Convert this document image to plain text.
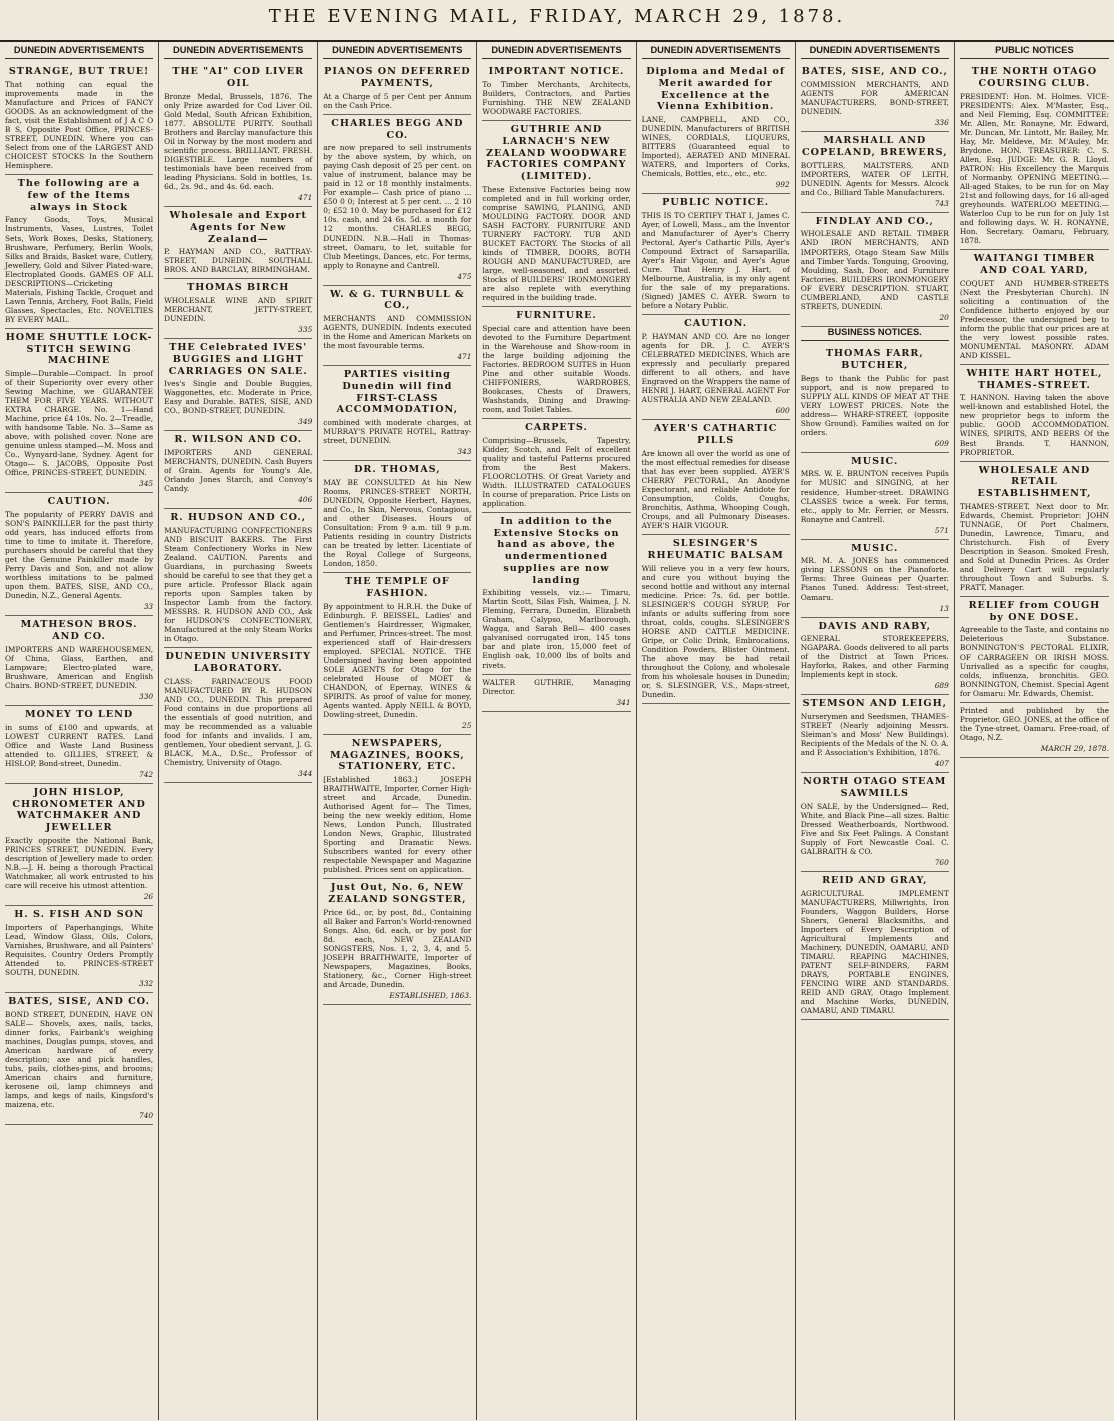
THE EVENING MAIL, FRIDAY, MARCH 29, 1878.
DUNEDIN ADVERTISEMENTS
STRANGE, BUT TRUE!
That nothing can equal the improvements made in the Manufacture and Prices of FANCY GOODS. As an acknowledgment of the fact, visit the Establishment of J A C O B S, Opposite Post Office, PRINCES-STREET, DUNEDIN. Where you can Select from one of the LARGEST AND CHOICEST STOCKS In the Southern Hemisphere.
The following are a few of the Items always in Stock
Fancy Goods, Toys, Musical Instruments, Vases, Lustres, Toilet Sets, Work Boxes, Desks, Stationery, Brushware, Perfumery, Berlin Wools, Silks and Braids, Basket ware, Cutlery, Jewellery, Gold and Silver Plated-ware, Electroplated Goods. GAMES OF ALL DESCRIPTIONS—Cricketing Materials, Fishing Tackle, Croquet and Lawn Tennis, Archery, Foot Balls, Field Glasses, Spectacles, Etc. NOVELTIES BY EVERY MAIL.
HOME SHUTTLE LOCK-STITCH SEWING MACHINE
Simple—Durable—Compact. In proof of their Superiority over every other Sewing Machine, we GUARANTEE THEM FOR FIVE YEARS. WITHOUT EXTRA CHARGE. No. 1—Hand Machine, price £4 10s. No. 2—Treadle, with handsome Table. No. 3—Same as above, with polished cover. None are genuine unless stamped—M. Moss and Co., Wynyard-lane, Sydney. Agent for Otago— S. JACOBS, Opposite Post Office, PRINCES-STREET, DUNEDIN.
345
CAUTION.
The popularity of PERRY DAVIS and SON'S PAINKILLER for the past thirty odd years, has induced efforts from time to time to imitate it. Therefore, purchasers should be careful that they get the Genuine Painkiller made by Perry Davis and Son, and not allow worthless imitations to be palmed upon them. BATES, SISE, AND CO., Dunedin, N.Z., General Agents.
33
MATHESON BROS. AND CO.
IMPORTERS AND WAREHOUSEMEN, Of China, Glass, Earthen, and Lampware; Electro-plated ware, Brushware, American and English Chairs. BOND-STREET, DUNEDIN.
330
MONEY TO LEND
in sums of £100 and upwards, at LOWEST CURRENT RATES. Land Office and Waste Land Business attended to. GILLIES, STREET, & HISLOP, Bond-street, Dunedin.
742
JOHN HISLOP, CHRONOMETER AND WATCHMAKER AND JEWELLER
Exactly opposite the National Bank, PRINCES STREET, DUNEDIN. Every description of Jewellery made to order. N.B.—J. H. being a thorough Practical Watchmaker, all work entrusted to his care will receive his utmost attention.
26
H. S. FISH AND SON
Importers of Paperhangings, White Lead, Window Glass, Oils, Colors, Varnishes, Brushware, and all Painters' Requisites. Country Orders Promptly Attended to. PRINCES-STREET SOUTH, DUNEDIN.
332
BATES, SISE, AND CO.
BOND STREET, DUNEDIN, HAVE ON SALE— Shovels, axes, nails, tacks, dinner forks, Fairbank's weighing machines, Douglas pumps, stoves, and American hardware of every description; axe and pick handles, tubs, pails, clothes-pins, and brooms; American chairs and furniture, kerosene oil, lamp chimneys and lamps, and kegs of nails, Kingsford's maizena, etc.
740
DUNEDIN ADVERTISEMENTS
THE "AI" COD LIVER OIL
Bronze Medal, Brussels, 1876. The only Prize awarded for Cod Liver Oil. Gold Medal, South African Exhibition, 1877. ABSOLUTE PURITY. Southall Brothers and Barclay manufacture this Oil in Norway by the most modern and scientific process. BRILLIANT. FRESH. DIGESTIBLE. Large numbers of testimonials have been received from leading Physicians. Sold in bottles, 1s. 6d., 2s. 9d., and 4s. 6d. each.
471
Wholesale and Export Agents for New Zealand—
P. HAYMAN AND CO., RATTRAY-STREET, DUNEDIN. SOUTHALL BROS. AND BARCLAY, BIRMINGHAM.
THOMAS BIRCH
WHOLESALE WINE AND SPIRIT MERCHANT, JETTY-STREET, DUNEDIN.
335
THE Celebrated IVES' BUGGIES and LIGHT CARRIAGES ON SALE.
Ives's Single and Double Buggies, Waggonettes, etc. Moderate in Price, Easy and Durable. BATES, SISE, AND CO., BOND-STREET, DUNEDIN.
349
R. WILSON AND CO.
IMPORTERS AND GENERAL MERCHANTS, DUNEDIN. Cash Buyers of Grain. Agents for Young's Ale, Orlando Jones Starch, and Convoy's Candy.
406
R. HUDSON AND CO.,
MANUFACTURING CONFECTIONERS AND BISCUIT BAKERS. The First Steam Confectionery Works in New Zealand. CAUTION. Parents and Guardians, in purchasing Sweets should be careful to see that they get a pure article. Professor Black again reports upon Samples taken by Inspector Lamb from the factory. MESSRS. R. HUDSON AND CO., Ask for HUDSON'S CONFECTIONERY, Manufactured at the only Steam Works in Otago.
DUNEDIN UNIVERSITY LABORATORY.
CLASS: FARINACEOUS FOOD MANUFACTURED BY R. HUDSON AND CO., DUNEDIN. This prepared Food contains in due proportions all the essentials of good nutrition, and may be recommended as a valuable food for infants and invalids. I am, gentlemen, Your obedient servant, J. G. BLACK, M.A., D.Sc., Professor of Chemistry, University of Otago.
344
DUNEDIN ADVERTISEMENTS
PIANOS ON DEFERRED PAYMENTS,
At a Charge of 5 per Cent per Annum on the Cash Price.
CHARLES BEGG AND CO.
are now prepared to sell instruments by the above system, by which, on paying Cash deposit of 25 per cent. on value of instrument, balance may be paid in 12 or 18 monthly instalments. For example— Cash price of piano ... £50 0 0; Interest at 5 per cent. ... 2 10 0; £52 10 0. May be purchased for £12 10s. cash, and 24 6s. 5d. a month for 12 months. CHARLES BEGG, DUNEDIN. N.B.—Hall in Thomas-street, Oamaru, to let, suitable for Club Meetings, Dances, etc. For terms, apply to Ronayne and Cantrell.
475
W. & G. TURNBULL & CO.,
MERCHANTS AND COMMISSION AGENTS, DUNEDIN. Indents executed in the Home and American Markets on the most favourable terms.
471
PARTIES visiting Dunedin will find FIRST-CLASS ACCOMMODATION,
combined with moderate charges, at MURRAY'S PRIVATE HOTEL, Rattray-street, DUNEDIN.
343
DR. THOMAS,
MAY BE CONSULTED At his New Rooms, PRINCES-STREET NORTH, DUNEDIN, Opposite Herbert, Haynes, and Co., In Skin, Nervous, Contagious, and other Diseases. Hours of Consultation: From 9 a.m. till 9 p.m. Patients residing in country Districts can be treated by letter. Licentiate of the Royal College of Surgeons, London, 1850.
THE TEMPLE OF FASHION.
By appointment to H.R.H. the Duke of Edinburgh. F. BEISSEL, Ladies' and Gentlemen's Hairdresser, Wigmaker, and Perfumer, Princes-street. The most experienced staff of Hair-dressers employed. SPECIAL NOTICE. THE Undersigned having been appointed SOLE AGENTS for Otago for the celebrated House of MOET & CHANDON, of Epernay, WINES & SPIRITS. As proof of value for money, Agents wanted. Apply NEILL & BOYD, Dowling-street, Dunedin.
25
NEWSPAPERS, MAGAZINES, BOOKS, STATIONERY, ETC.
[Established 1863.] JOSEPH BRAITHWAITE, Importer, Corner High-street and Arcade, Dunedin. Authorised Agent for— The Times, being the new weekly edition, Home News, London Punch, Illustrated London News, Graphic, Illustrated Sporting and Dramatic News. Subscribers wanted for every other respectable Newspaper and Magazine published. Prices sent on application.
Just Out, No. 6, NEW ZEALAND SONGSTER,
Price 6d., or, by post, 8d., Containing all Baker and Farron's World-renowned Songs. Also, 6d. each, or by post for 8d. each, NEW ZEALAND SONGSTERS, Nos. 1, 2, 3, 4, and 5. JOSEPH BRAITHWAITE, Importer of Newspapers, Magazines, Books, Stationery, &c., Corner High-street and Arcade, Dunedin.
ESTABLISHED, 1863.
DUNEDIN ADVERTISEMENTS
IMPORTANT NOTICE.
To Timber Merchants, Architects, Builders, Contractors, and Parties Furnishing. THE NEW ZEALAND WOODWARE FACTORIES.
GUTHRIE AND LARNACH'S NEW ZEALAND WOODWARE FACTORIES COMPANY (LIMITED).
These Extensive Factories being now completed and in full working order, comprise SAWING, PLANING, AND MOULDING FACTORY. DOOR AND SASH FACTORY. FURNITURE AND TURNERY FACTORY. TUB AND BUCKET FACTORY. The Stocks of all kinds of TIMBER, DOORS, BOTH ROUGH AND MANUFACTURED, are large, well-seasoned, and assorted. Stocks of BUILDERS' IRONMONGERY are also replete with everything required in the building trade.
FURNITURE.
Special care and attention have been devoted to the Furniture Department in the Warehouse and Show-room in the large building adjoining the Factories. BEDROOM SUITES in Huon Pine and other suitable Woods. CHIFFONIERS, WARDROBES, Bookcases, Chests of Drawers, Washstands, Dining and Drawing-room, and Toilet Tables.
CARPETS.
Comprising—Brussels, Tapestry, Kidder, Scotch, and Felt of excellent quality and tasteful Patterns procured from the Best Makers. FLOORCLOTHS. Of Great Variety and Width. ILLUSTRATED CATALOGUES In course of preparation. Price Lists on application.
In addition to the Extensive Stocks on hand as above, the undermentioned supplies are now landing
Exhibiting vessels, viz.:— Timaru, Martin Scott, Silas Fish, Waimea, J. N. Fleming, Ferrara, Dunedin, Elizabeth Graham, Calypso, Marlborough, Wagga, and Sarah Bell— 400 cases galvanised corrugated iron, 145 tons bar and plate iron, 15,000 feet of English oak, 10,000 lbs of bolts and rivets.
WALTER GUTHRIE, Managing Director.
341
DUNEDIN ADVERTISEMENTS
Diploma and Medal of Merit awarded for Excellence at the Vienna Exhibition.
LANE, CAMPBELL, AND CO., DUNEDIN. Manufacturers of BRITISH WINES, CORDIALS, LIQUEURS, BITTERS (Guaranteed equal to Imported), AERATED AND MINERAL WATERS, and Importers of Corks, Chemicals, Bottles, etc., etc., etc.
992
PUBLIC NOTICE.
THIS IS TO CERTIFY THAT I, James C. Ayer, of Lowell, Mass., am the Inventor and Manufacturer of Ayer's Cherry Pectoral, Ayer's Cathartic Pills, Ayer's Compound Extract of Sarsaparilla, Ayer's Hair Vigour, and Ayer's Ague Cure. That Henry J. Hart, of Melbourne, Australia, is my only agent for the sale of my preparations. (Signed) JAMES C. AYER. Sworn to before a Notary Public.
CAUTION.
P. HAYMAN AND CO. Are no longer agents for DR. J. C. AYER'S CELEBRATED MEDICINES, Which are expressly and peculiarly prepared different to all others, and have Engraved on the Wrappers the name of HENRI J. HART, GENERAL AGENT For AUSTRALIA AND NEW ZEALAND.
600
AYER'S CATHARTIC PILLS
Are known all over the world as one of the most effectual remedies for disease that has ever been supplied. AYER'S CHERRY PECTORAL, An Anodyne Expectorant, and reliable Antidote for Consumption, Colds, Coughs, Bronchitis, Asthma, Whooping Cough, Croups, and all Pulmonary Diseases. AYER'S HAIR VIGOUR.
SLESINGER'S RHEUMATIC BALSAM
Will relieve you in a very few hours, and cure you without buying the second bottle and without any internal medicine. Price: 7s. 6d. per bottle. SLESINGER'S COUGH SYRUP, For infants or adults suffering from sore throat, colds, coughs. SLESINGER'S HORSE AND CATTLE MEDICINE. Gripe, or Colic Drink, Embrocations, Condition Powders, Blister Ointment. The above may be had retail throughout the Colony, and wholesale from his wholesale houses in Dunedin; or, S. SLESINGER, V.S., Maps-street, Dunedin.
DUNEDIN ADVERTISEMENTS
BATES, SISE, AND CO.,
COMMISSION MERCHANTS, AND AGENTS FOR AMERICAN MANUFACTURERS, BOND-STREET, DUNEDIN.
336
MARSHALL AND COPELAND, BREWERS,
BOTTLERS, MALTSTERS, AND IMPORTERS, WATER OF LEITH, DUNEDIN. Agents for Messrs. Alcock and Co., Billiard Table Manufacturers.
743
FINDLAY AND CO.,
WHOLESALE AND RETAIL TIMBER AND IRON MERCHANTS, AND IMPORTERS, Otago Steam Saw Mills and Timber Yards. Tonguing, Grooving, Moulding, Sash, Door, and Furniture Factories. BUILDERS IRONMONGERY OF EVERY DESCRIPTION. STUART, CUMBERLAND, AND CASTLE STREETS, DUNEDIN.
20
BUSINESS NOTICES.
THOMAS FARR, BUTCHER,
Begs to thank the Public for past support, and is now prepared to SUPPLY ALL KINDS OF MEAT AT THE VERY LOWEST PRICES. Note the address— WHARF-STREET, (opposite Show Ground). Families waited on for orders.
609
MUSIC.
MRS. W. E. BRUNTON receives Pupils for MUSIC and SINGING, at her residence, Humber-street. DRAWING CLASSES twice a week. For terms, etc., apply to Mr. Ferrier, or Messrs. Ronayne and Cantrell.
571
MUSIC.
MR. M. A. JONES has commenced giving LESSONS on the Pianoforte. Terms: Three Guineas per Quarter. Pianos Tuned. Address: Test-street, Oamaru.
13
DAVIS AND RABY,
GENERAL STOREKEEPERS, NGAPARA. Goods delivered to all parts of the District at Town Prices. Hayforks, Rakes, and other Farming Implements kept in stock.
689
STEMSON AND LEIGH,
Nurserymen and Seedsmen, THAMES-STREET (Nearly adjoining Messrs. Sleiman's and Moss' New Buildings). Recipients of the Medals of the N. O. A. and P. Association's Exhibition, 1876.
407
NORTH OTAGO STEAM SAWMILLS
ON SALE, by the Undersigned— Red, White, and Black Pine—all sizes. Baltic Dressed Weatherboards, Northwood. Five and Six Feet Palings. A Constant Supply of Fort Newcastle Coal. C. GALBRAITH & CO.
760
REID AND GRAY,
AGRICULTURAL IMPLEMENT MANUFACTURERS, Millwrights, Iron Founders, Waggon Builders, Horse Shoers, General Blacksmiths, and Importers of Every Description of Agricultural Implements and Machinery, DUNEDIN, OAMARU, AND TIMARU. REAPING MACHINES, PATENT SELF-BINDERS, FARM DRAYS, PORTABLE ENGINES, FENCING WIRE AND STANDARDS. REID AND GRAY, Otago Implement and Machine Works, DUNEDIN, OAMARU, AND TIMARU.
PUBLIC NOTICES
THE NORTH OTAGO COURSING CLUB.
PRESIDENT: Hon. M. Holmes. VICE-PRESIDENTS: Alex. M'Master, Esq., and Neil Fleming, Esq. COMMITTEE: Mr. Allen, Mr. Ronayne, Mr. Edward, Mr. Duncan, Mr. Lintott, Mr. Bailey, Mr. Hay, Mr. Meldeve, Mr. M'Auley, Mr. Brydone. HON. TREASURER: C. S. Allen, Esq. JUDGE: Mr. G. R. Lloyd. PATRON: His Excellency the Marquis of Normanby. OPENING MEETING.—All-aged Stakes, to be run for on May 21st and following days, for 16 all-aged greyhounds. WATERLOO MEETING.—Waterloo Cup to be run for on July 1st and following days. W. H. RONAYNE, Hon. Secretary. Oamaru, February, 1878.
WAITANGI TIMBER AND COAL YARD,
COQUET AND HUMBER-STREETS (Next the Presbyterian Church). IN soliciting a continuation of the Confidence hitherto enjoyed by our Predecessor, the undersigned beg to inform the public that our prices are at the very lowest possible rates. MONUMENTAL MASONRY. ADAM AND KISSEL.
WHITE HART HOTEL, THAMES-STREET.
T. HANNON. Having taken the above well-known and established Hotel, the new proprietor begs to inform the public. GOOD ACCOMMODATION. WINES, SPIRITS, AND BEERS Of the Best Brands. T. HANNON, PROPRIETOR.
WHOLESALE AND RETAIL ESTABLISHMENT,
THAMES-STREET, Next door to Mr. Edwards, Chemist. Proprietor: JOHN TUNNAGE, Of Port Chalmers, Dunedin, Lawrence, Timaru, and Christchurch. Fish of Every Description in Season. Smoked Fresh, and Sold at Dunedin Prices. As Order and Delivery Cart will regularly throughout Town and Suburbs. S. PRATT, Manager.
RELIEF from COUGH by ONE DOSE.
Agreeable to the Taste, and contains no Deleterious Substance. BONNINGTON'S PECTORAL ELIXIR, OF CARRAGEEN OR IRISH MOSS. Unrivalled as a specific for coughs, colds, influenza, bronchitis. GEO. BONNINGTON, Chemist. Special Agent for Oamaru: Mr. Edwards, Chemist.
Printed and published by the Proprietor, GEO. JONES, at the office of the Tyne-street, Oamaru. Free-road, of Otago, N.Z.
MARCH 29, 1878.
